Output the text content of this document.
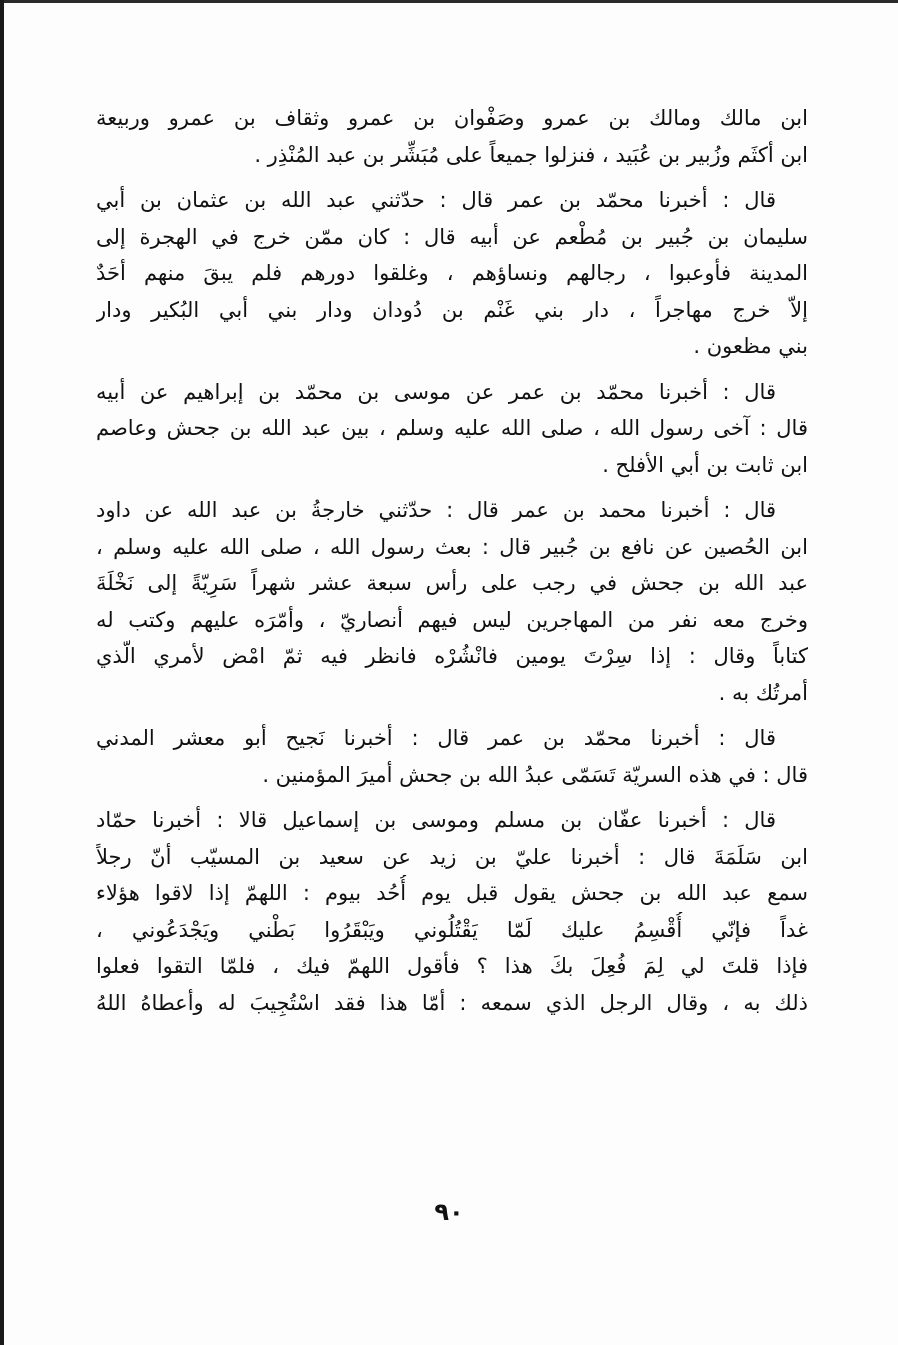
ابن مالك ومالك بن عمرو وصَفْوان بن عمرو وثقاف بن عمرو وربيعة
ابن أكثَم وزُبير بن عُبَيد ، فنزلوا جميعاً على مُبَشِّر بن عبد المُنْذِر .
قال : أخبرنا محمّد بن عمر قال : حدّثني عبد الله بن عثمان بن أبي
سليمان بن جُبير بن مُطْعم عن أبيه قال : كان ممّن خرج في الهجرة إلى
المدينة فأوعبوا ، رجالهم ونساؤهم ، وغلقوا دورهم فلم يبقَ منهم أحَدٌ
إلاّ خرج مهاجراً ، دار بني غَنْم بن دُودان ودار بني أبي البُكير ودار
بني مظعون .
قال : أخبرنا محمّد بن عمر عن موسى بن محمّد بن إبراهيم عن أبيه
قال : آخى رسول الله ، صلى الله عليه وسلم ، بين عبد الله بن جحش وعاصم
ابن ثابت بن أبي الأفلح .
قال : أخبرنا محمد بن عمر قال : حدّثني خارجةُ بن عبد الله عن داود
ابن الحُصين عن نافع بن جُبير قال : بعث رسول الله ، صلى الله عليه وسلم ،
عبد الله بن جحش في رجب على رأس سبعة عشر شهراً سَرِيّةً إلى نَخْلَةَ
وخرج معه نفر من المهاجرين ليس فيهم أنصاريّ ، وأمّرَه عليهم وكتب له
كتاباً وقال : إذا سِرْتَ يومين فانْشُرْه فانظر فيه ثمّ امْض لأمري الّذي
أمرتُك به .
قال : أخبرنا محمّد بن عمر قال : أخبرنا نَجيح أبو معشر المدني
قال : في هذه السريّة تَسَمّى عبدُ الله بن جحش أميرَ المؤمنين .
قال : أخبرنا عفّان بن مسلم وموسى بن إسماعيل قالا : أخبرنا حمّاد
ابن سَلَمَةَ قال : أخبرنا عليّ بن زيد عن سعيد بن المسيّب أنّ رجلاً
سمع عبد الله بن جحش يقول قبل يوم أُحُد بيوم : اللهمّ إذا لاقوا هؤلاء
غداً فإنّي أُقْسِمُ عليك لَمّا يَقْتُلُوني ويَبْقَرُوا بَطْني ويَجْدَعُوني ،
فإذا قلتَ لي لِمَ فُعِلَ بكَ هذا ؟ فأقول اللهمّ فيك ، فلمّا التقوا فعلوا
ذلك به ، وقال الرجل الذي سمعه : أمّا هذا فقد اسْتُجِيبَ له وأعطاهُ اللهُ
٩٠
